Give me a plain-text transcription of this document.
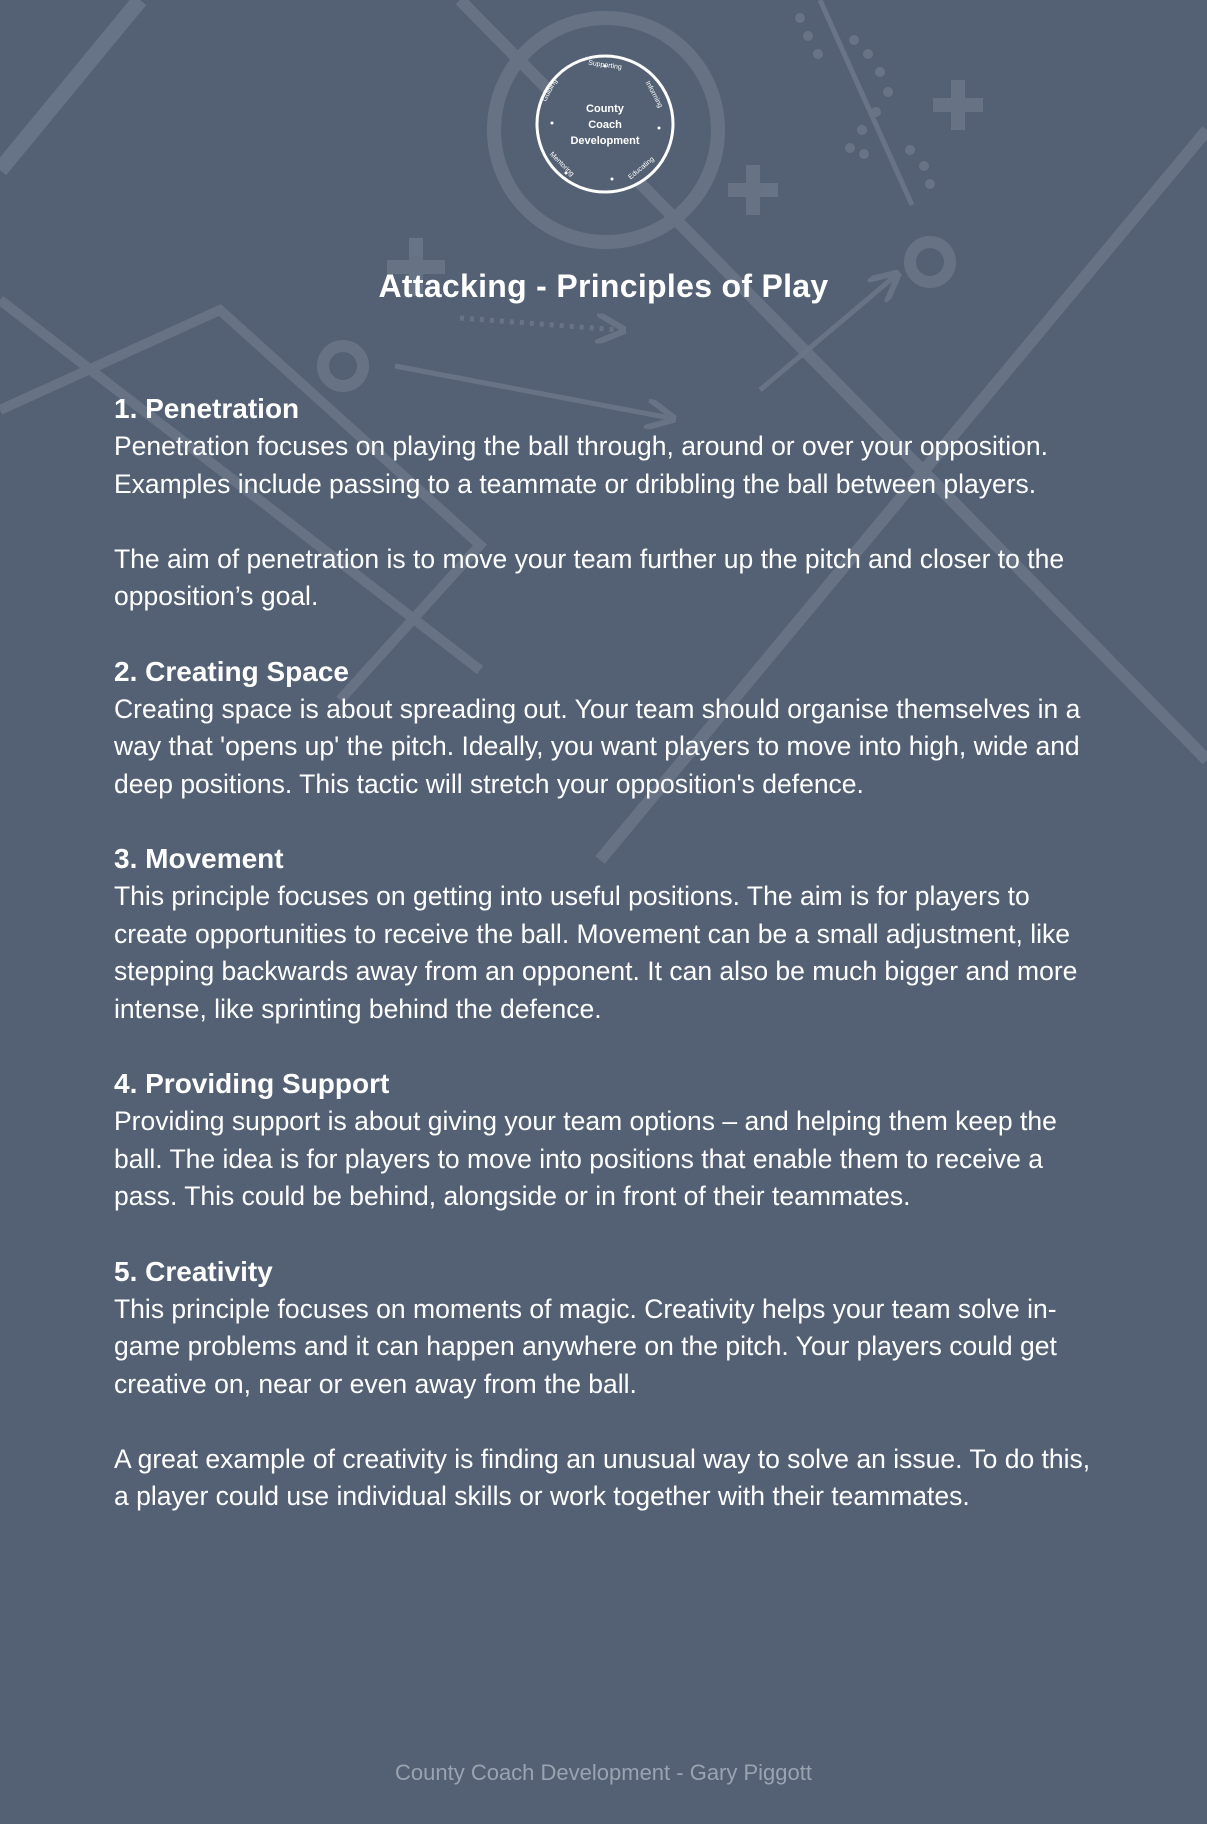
County
Coach
Development
Supporting
Informing
Educating
Mentoring
Guiding
Attacking - Principles of Play
1. Penetration

Penetration focuses on playing the ball through, around or over your opposition. Examples include passing to a teammate or dribbling the ball between players.

The aim of penetration is to move your team further up the pitch and closer to the opposition’s goal.

2. Creating Space

Creating space is about spreading out. Your team should organise themselves in a way that 'opens up' the pitch. Ideally, you want players to move into high, wide and deep positions. This tactic will stretch your opposition's defence.

3. Movement

This principle focuses on getting into useful positions. The aim is for players to create opportunities to receive the ball. Movement can be a small adjustment, like stepping backwards away from an opponent. It can also be much bigger and more intense, like sprinting behind the defence.

4. Providing Support

Providing support is about giving your team options – and helping them keep the ball. The idea is for players to move into positions that enable them to receive a pass. This could be behind, alongside or in front of their teammates.

5. Creativity

This principle focuses on moments of magic. Creativity helps your team solve in-game problems and it can happen anywhere on the pitch. Your players could get creative on, near or even away from the ball.

A great example of creativity is finding an unusual way to solve an issue. To do this, a player could use individual skills or work together with their teammates.

County Coach Development - Gary Piggott
